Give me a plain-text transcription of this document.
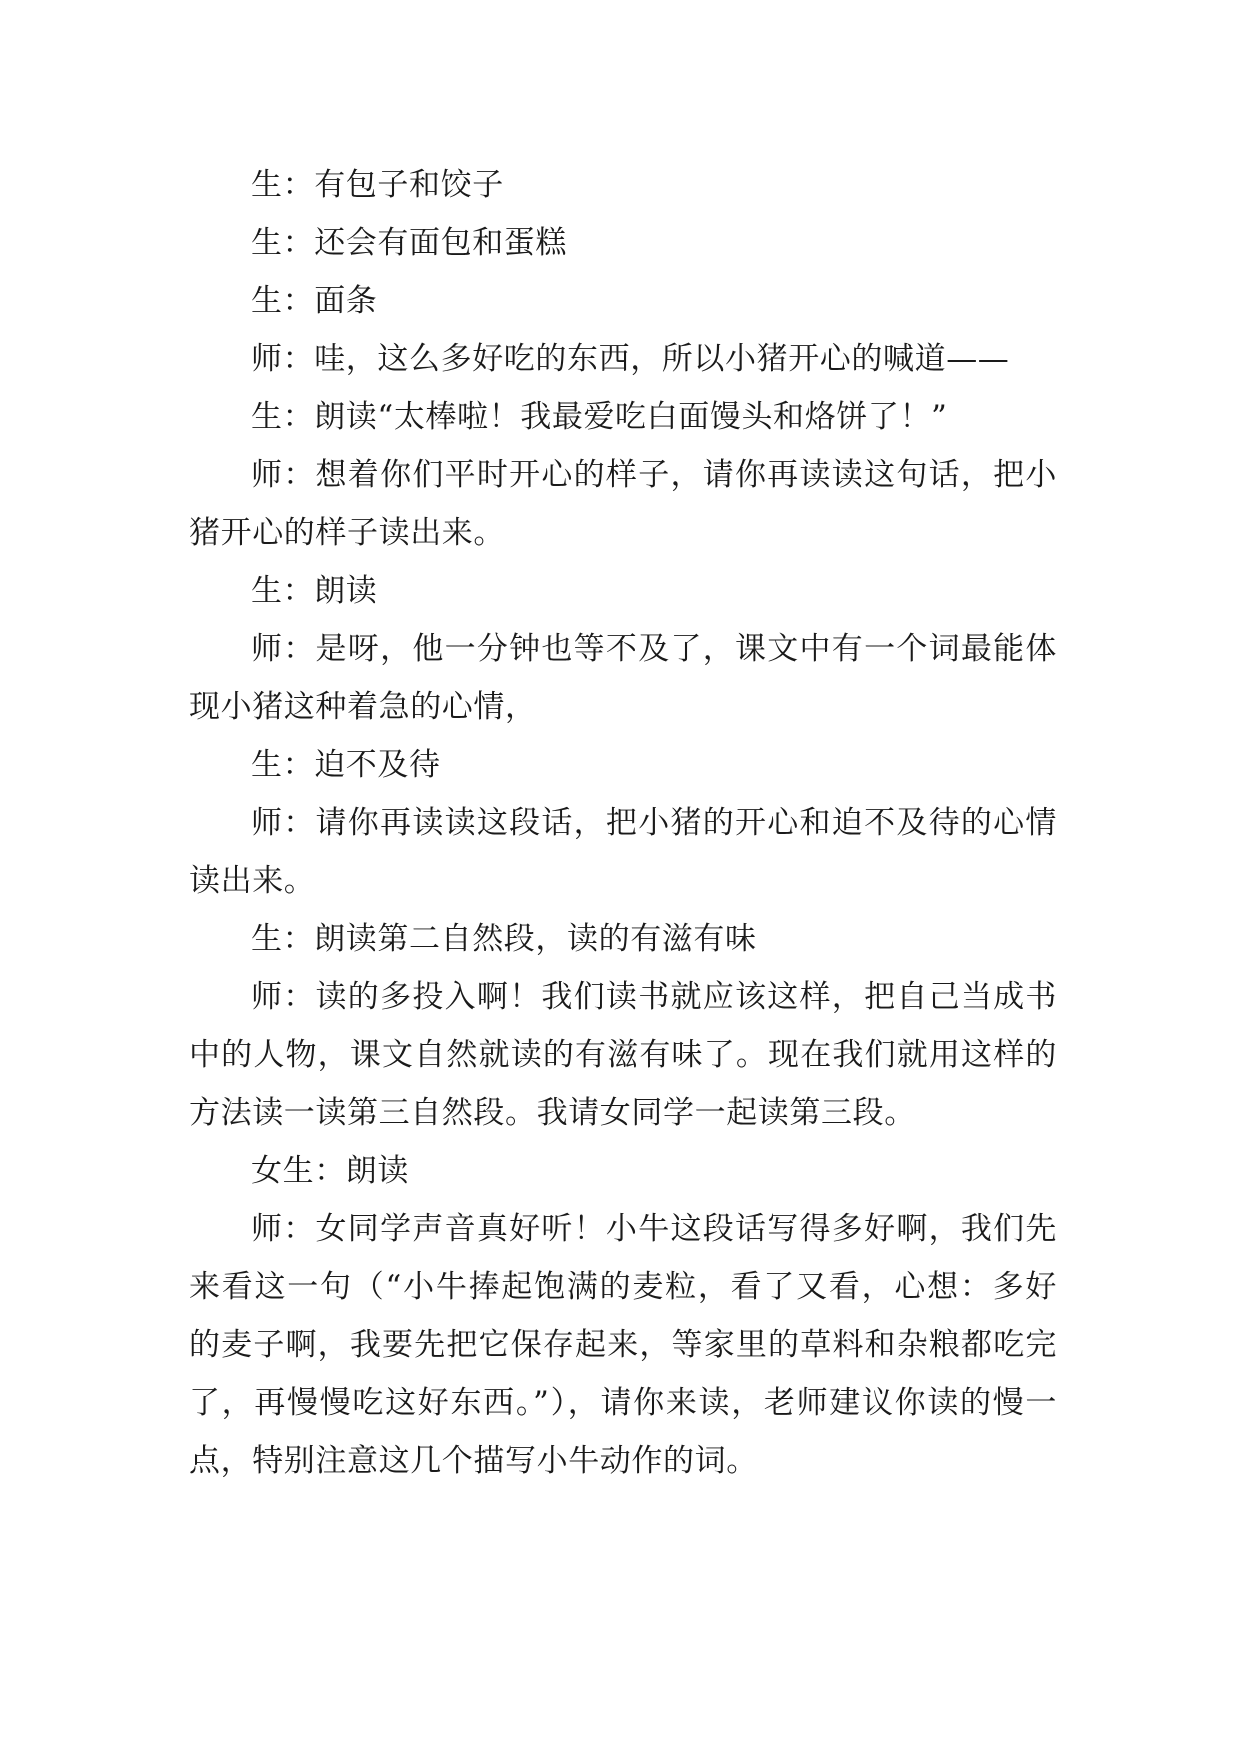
生：有包子和饺子

生：还会有面包和蛋糕

生：面条

师：哇，这么多好吃的东西，所以小猪开心的喊道——

生：朗读“太棒啦！我最爱吃白面馒头和烙饼了！”

师：想着你们平时开心的样子，请你再读读这句话，把小猪开心的样子读出来。

生：朗读

师：是呀，他一分钟也等不及了，课文中有一个词最能体现小猪这种着急的心情，

生：迫不及待

师：请你再读读这段话，把小猪的开心和迫不及待的心情读出来。

生：朗读第二自然段，读的有滋有味

师：读的多投入啊！我们读书就应该这样，把自己当成书中的人物，课文自然就读的有滋有味了。现在我们就用这样的方法读一读第三自然段。我请女同学一起读第三段。

女生：朗读

师：女同学声音真好听！小牛这段话写得多好啊，我们先来看这一句（“小牛捧起饱满的麦粒，看了又看，心想：多好的麦子啊，我要先把它保存起来，等家里的草料和杂粮都吃完了，再慢慢吃这好东西。”），请你来读，老师建议你读的慢一点，特别注意这几个描写小牛动作的词。
